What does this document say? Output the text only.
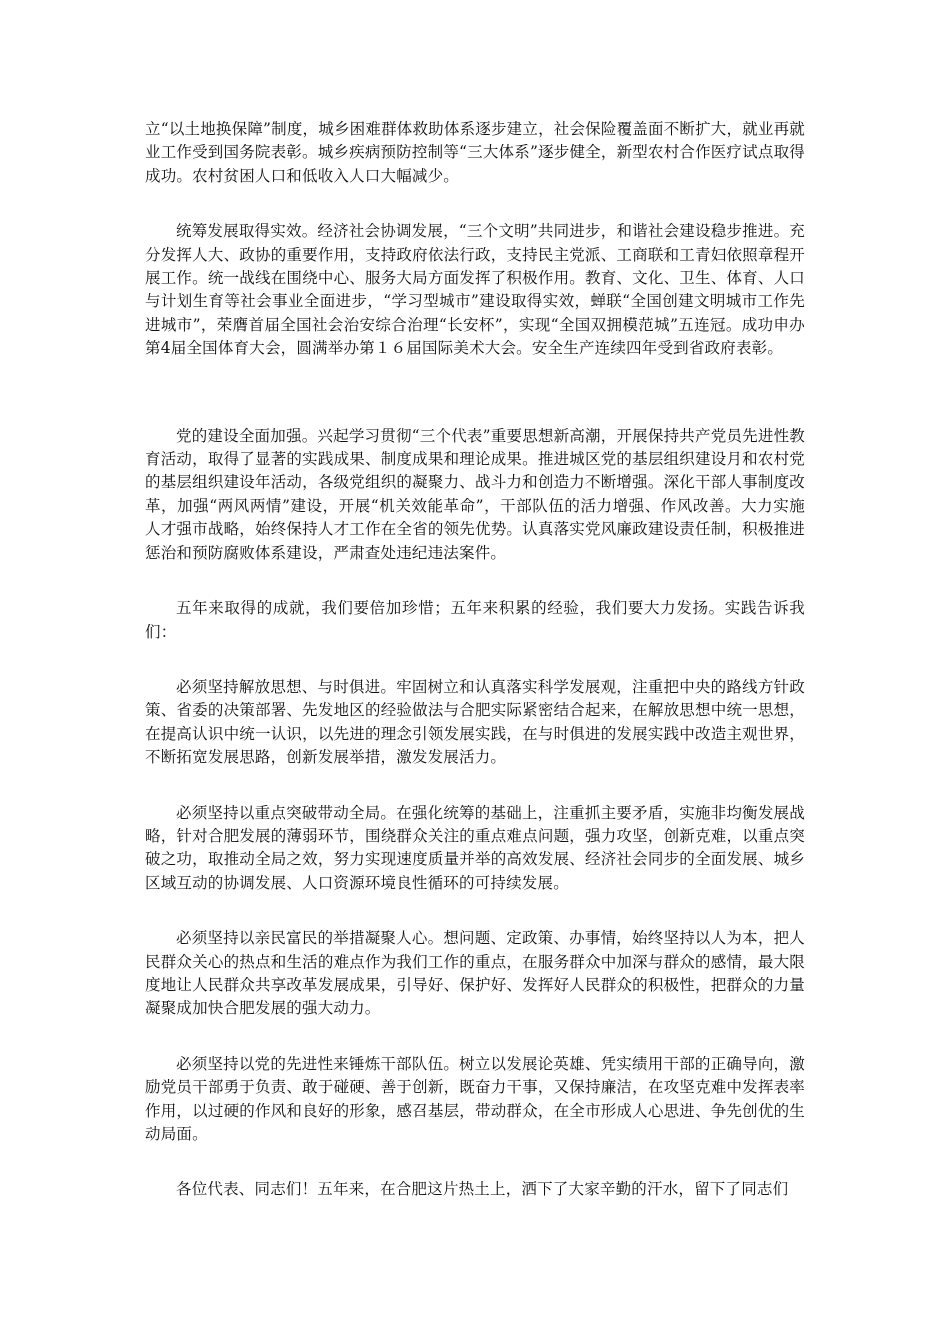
立“以土地换保障”制度，城乡困难群体救助体系逐步建立，社会保险覆盖面不断扩大，就业再就业工作受到国务院表彰。城乡疾病预防控制等“三大体系”逐步健全，新型农村合作医疗试点取得成功。农村贫困人口和低收入人口大幅减少。

统筹发展取得实效。经济社会协调发展，“三个文明”共同进步，和谐社会建设稳步推进。充分发挥人大、政协的重要作用，支持政府依法行政，支持民主党派、工商联和工青妇依照章程开展工作。统一战线在围绕中心、服务大局方面发挥了积极作用。教育、文化、卫生、体育、人口与计划生育等社会事业全面进步，“学习型城市”建设取得实效，蝉联“全国创建文明城市工作先进城市”，荣膺首届全国社会治安综合治理“长安杯”，实现“全国双拥模范城”五连冠。成功申办第4届全国体育大会，圆满举办第１６届国际美术大会。安全生产连续四年受到省政府表彰。

党的建设全面加强。兴起学习贯彻“三个代表”重要思想新高潮，开展保持共产党员先进性教育活动，取得了显著的实践成果、制度成果和理论成果。推进城区党的基层组织建设月和农村党的基层组织建设年活动，各级党组织的凝聚力、战斗力和创造力不断增强。深化干部人事制度改革，加强“两风两情”建设，开展“机关效能革命”，干部队伍的活力增强、作风改善。大力实施人才强市战略，始终保持人才工作在全省的领先优势。认真落实党风廉政建设责任制，积极推进惩治和预防腐败体系建设，严肃查处违纪违法案件。

五年来取得的成就，我们要倍加珍惜；五年来积累的经验，我们要大力发扬。实践告诉我们：

必须坚持解放思想、与时俱进。牢固树立和认真落实科学发展观，注重把中央的路线方针政策、省委的决策部署、先发地区的经验做法与合肥实际紧密结合起来，在解放思想中统一思想，在提高认识中统一认识，以先进的理念引领发展实践，在与时俱进的发展实践中改造主观世界，不断拓宽发展思路，创新发展举措，激发发展活力。

必须坚持以重点突破带动全局。在强化统筹的基础上，注重抓主要矛盾，实施非均衡发展战略，针对合肥发展的薄弱环节，围绕群众关注的重点难点问题，强力攻坚，创新克难，以重点突破之功，取推动全局之效，努力实现速度质量并举的高效发展、经济社会同步的全面发展、城乡区域互动的协调发展、人口资源环境良性循环的可持续发展。

必须坚持以亲民富民的举措凝聚人心。想问题、定政策、办事情，始终坚持以人为本，把人民群众关心的热点和生活的难点作为我们工作的重点，在服务群众中加深与群众的感情，最大限度地让人民群众共享改革发展成果，引导好、保护好、发挥好人民群众的积极性，把群众的力量凝聚成加快合肥发展的强大动力。

必须坚持以党的先进性来锤炼干部队伍。树立以发展论英雄、凭实绩用干部的正确导向，激励党员干部勇于负责、敢于碰硬、善于创新，既奋力干事，又保持廉洁，在攻坚克难中发挥表率作用，以过硬的作风和良好的形象，感召基层，带动群众，在全市形成人心思进、争先创优的生动局面。

各位代表、同志们！五年来，在合肥这片热土上，洒下了大家辛勤的汗水，留下了同志们
